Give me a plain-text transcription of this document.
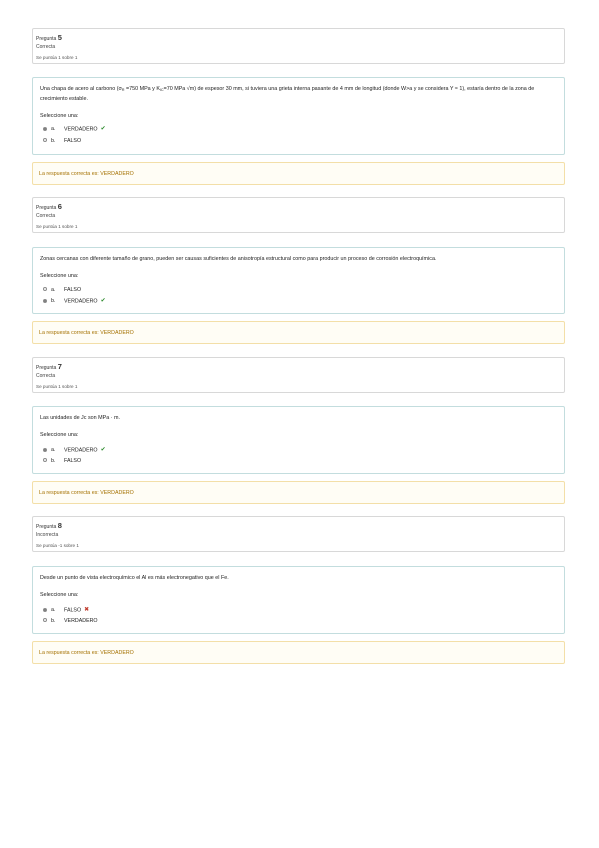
Pregunta 5
Correcta
Se puntúa 1 sobre 1
Una chapa de acero al carbono ($\sigma_R =750$ MPa y $K_{IC}=70$ MPa √m) de espesor 30 mm, si tuviera una grieta interna pasante de 4 mm de longitud (donde W>a y se considera Y ≈ 1), estaría dentro de la zona de crecimiento estable.
Seleccione una:
a. VERDADERO ✔
b. FALSO
La respuesta correcta es: VERDADERO
Pregunta 6
Correcta
Se puntúa 1 sobre 1
Zonas cercanas con diferente tamaño de grano, pueden ser causas suficientes de anisotropía estructural como para producir un proceso de corrosión electroquímica.
Seleccione una:
a. FALSO
b. VERDADERO ✔
La respuesta correcta es: VERDADERO
Pregunta 7
Correcta
Se puntúa 1 sobre 1
Las unidades de Jc son MPa · m.
Seleccione una:
a. VERDADERO ✔
b. FALSO
La respuesta correcta es: VERDADERO
Pregunta 8
Incorrecta
Se puntúa -1 sobre 1
Desde un punto de vista electroquímico el Al es más electronegativo que el Fe.
Seleccione una:
a. FALSO ✖
b. VERDADERO
La respuesta correcta es: VERDADERO
